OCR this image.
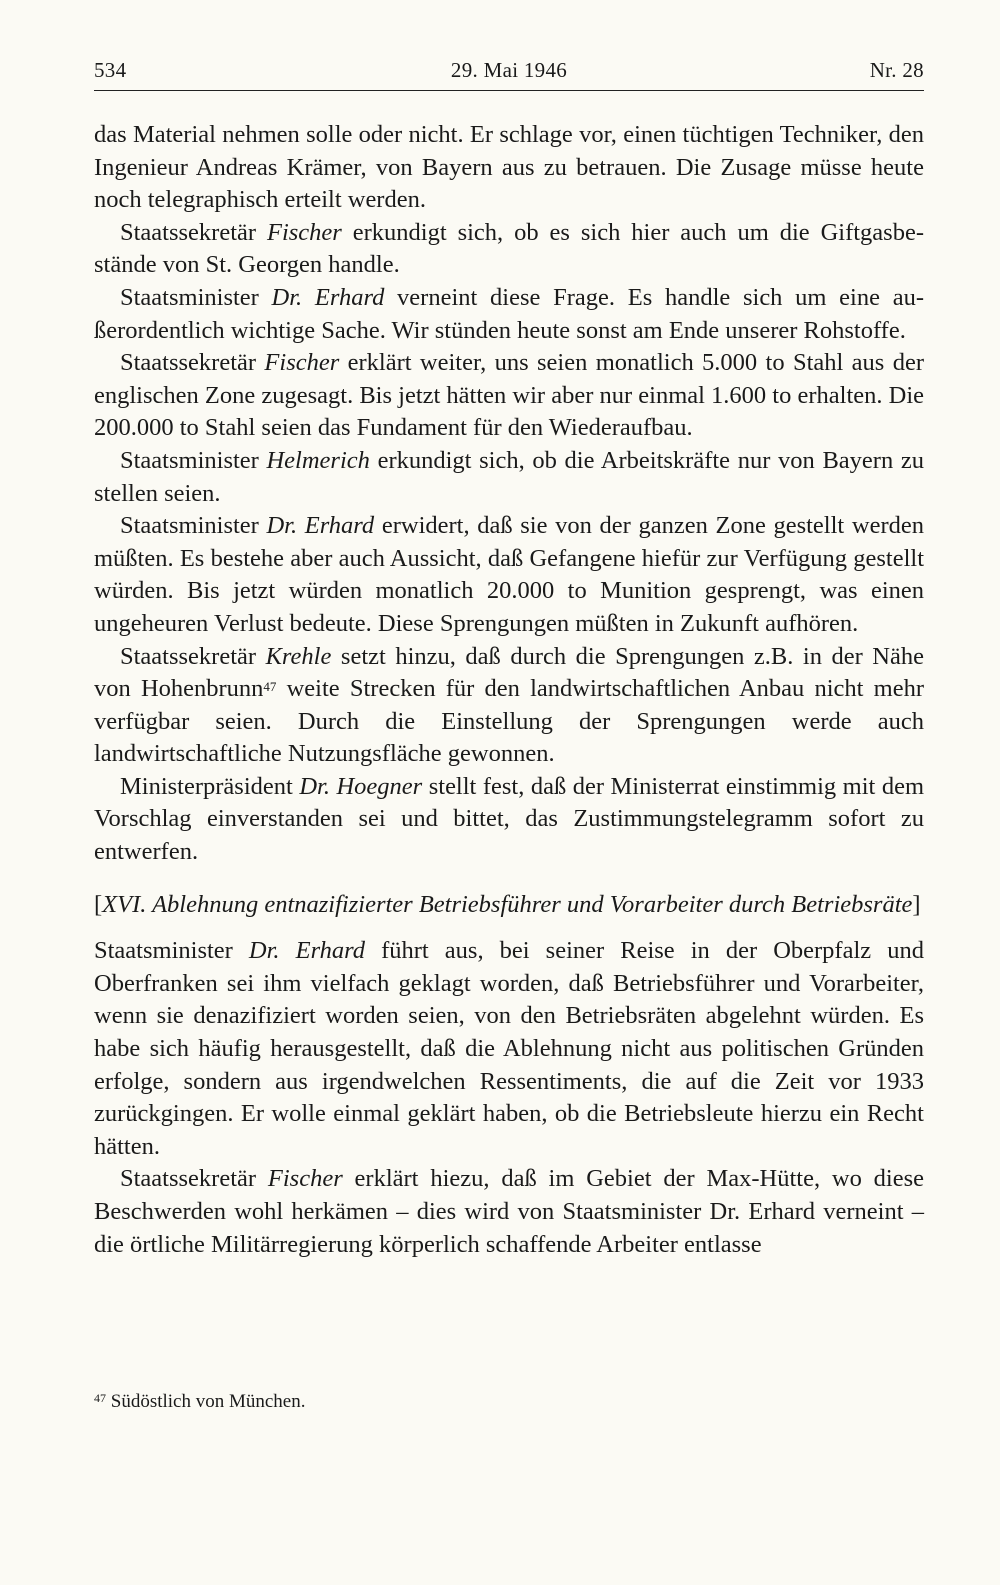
534	29. Mai 1946	Nr. 28

das Material nehmen solle oder nicht. Er schlage vor, einen tüchtigen Techniker, den Ingenieur Andreas Krämer, von Bayern aus zu betrauen. Die Zusage müsse heute noch telegraphisch erteilt werden.

Staatssekretär Fischer erkundigt sich, ob es sich hier auch um die Giftgasbestände von St. Georgen handle.

Staatsminister Dr. Erhard verneint diese Frage. Es handle sich um eine außerordentlich wichtige Sache. Wir stünden heute sonst am Ende unserer Rohstoffe.

Staatssekretär Fischer erklärt weiter, uns seien monatlich 5.000 to Stahl aus der englischen Zone zugesagt. Bis jetzt hätten wir aber nur einmal 1.600 to erhalten. Die 200.000 to Stahl seien das Fundament für den Wiederaufbau.

Staatsminister Helmerich erkundigt sich, ob die Arbeitskräfte nur von Bayern zu stellen seien.

Staatsminister Dr. Erhard erwidert, daß sie von der ganzen Zone gestellt werden müßten. Es bestehe aber auch Aussicht, daß Gefangene hiefür zur Verfügung gestellt würden. Bis jetzt würden monatlich 20.000 to Munition gesprengt, was einen ungeheuren Verlust bedeute. Diese Sprengungen müßten in Zukunft aufhören.

Staatssekretär Krehle setzt hinzu, daß durch die Sprengungen z.B. in der Nähe von Hohenbrunn$^{47}$ weite Strecken für den landwirtschaftlichen Anbau nicht mehr verfügbar seien. Durch die Einstellung der Sprengungen werde auch landwirtschaftliche Nutzungsfläche gewonnen.

Ministerpräsident Dr. Hoegner stellt fest, daß der Ministerrat einstimmig mit dem Vorschlag einverstanden sei und bittet, das Zustimmungstelegramm sofort zu entwerfen.

[XVI. Ablehnung entnazifizierter Betriebsführer und Vorarbeiter durch Betriebsräte]

Staatsminister Dr. Erhard führt aus, bei seiner Reise in der Oberpfalz und Oberfranken sei ihm vielfach geklagt worden, daß Betriebsführer und Vorarbeiter, wenn sie denazifiziert worden seien, von den Betriebsräten abgelehnt würden. Es habe sich häufig herausgestellt, daß die Ablehnung nicht aus politischen Gründen erfolge, sondern aus irgendwelchen Ressentiments, die auf die Zeit vor 1933 zurückgingen. Er wolle einmal geklärt haben, ob die Betriebsleute hierzu ein Recht hätten.

Staatssekretär Fischer erklärt hiezu, daß im Gebiet der Max-Hütte, wo diese Beschwerden wohl herkämen – dies wird von Staatsminister Dr. Erhard verneint – die örtliche Militärregierung körperlich schaffende Arbeiter entlasse

$^{47}$ Südöstlich von München.
